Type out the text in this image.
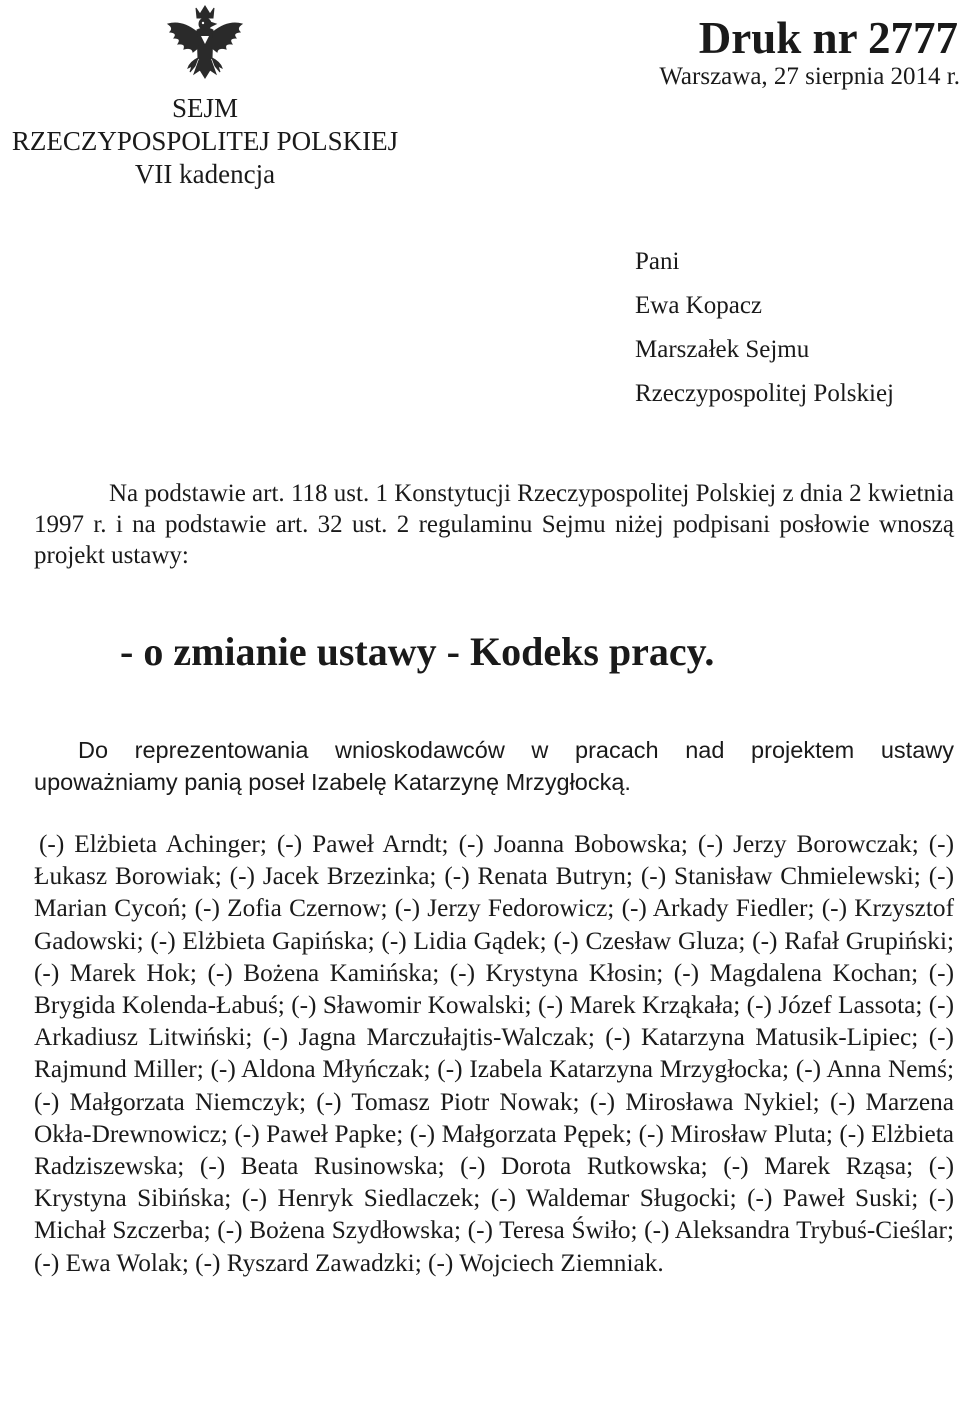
SEJM
RZECZYPOSPOLITEJ POLSKIEJ
VII kadencja
Druk nr 2777
Warszawa, 27 sierpnia 2014 r.
Pani
Ewa Kopacz
Marszałek Sejmu
Rzeczypospolitej Polskiej
Na podstawie art. 118 ust. 1 Konstytucji Rzeczypospolitej Polskiej z dnia 2 kwietnia 1997 r. i na podstawie art. 32 ust. 2 regulaminu Sejmu niżej podpisani posłowie wnoszą projekt ustawy:
- o zmianie ustawy - Kodeks pracy.
Do reprezentowania wnioskodawców w pracach nad projektem ustawy upoważniamy panią poseł Izabelę Katarzynę Mrzygłocką.
(-) Elżbieta Achinger; (-) Paweł Arndt; (-) Joanna Bobowska; (-) Jerzy Borowczak; (-) Łukasz Borowiak; (-) Jacek Brzezinka; (-) Renata Butryn; (-) Stanisław Chmielewski; (-) Marian Cycoń; (-) Zofia Czernow; (-) Jerzy Fedorowicz; (-) Arkady Fiedler; (-) Krzysztof Gadowski; (-) Elżbieta Gapińska; (-) Lidia Gądek; (-) Czesław Gluza; (-) Rafał Grupiński; (-) Marek Hok; (-) Bożena Kamińska; (-) Krystyna Kłosin; (-) Magdalena Kochan; (-) Brygida Kolenda-Łabuś; (-) Sławomir Kowalski; (-) Marek Krząkała; (-) Józef Lassota; (-) Arkadiusz Litwiński; (-) Jagna Marczułajtis-Walczak; (-) Katarzyna Matusik-Lipiec; (-) Rajmund Miller; (-) Aldona Młyńczak; (-) Izabela Katarzyna Mrzygłocka; (-) Anna Nemś; (-) Małgorzata Niemczyk; (-) Tomasz Piotr Nowak; (-) Mirosława Nykiel; (-) Marzena Okła-Drewnowicz; (-) Paweł Papke; (-) Małgorzata Pępek; (-) Mirosław Pluta; (-) Elżbieta Radziszewska; (-) Beata Rusinowska; (-) Dorota Rutkowska; (-) Marek Rząsa; (-) Krystyna Sibińska; (-) Henryk Siedlaczek; (-) Waldemar Sługocki; (-) Paweł Suski; (-) Michał Szczerba; (-) Bożena Szydłowska; (-) Teresa Świło; (-) Aleksandra Trybuś-Cieślar; (-) Ewa Wolak; (-) Ryszard Zawadzki; (-) Wojciech Ziemniak.
